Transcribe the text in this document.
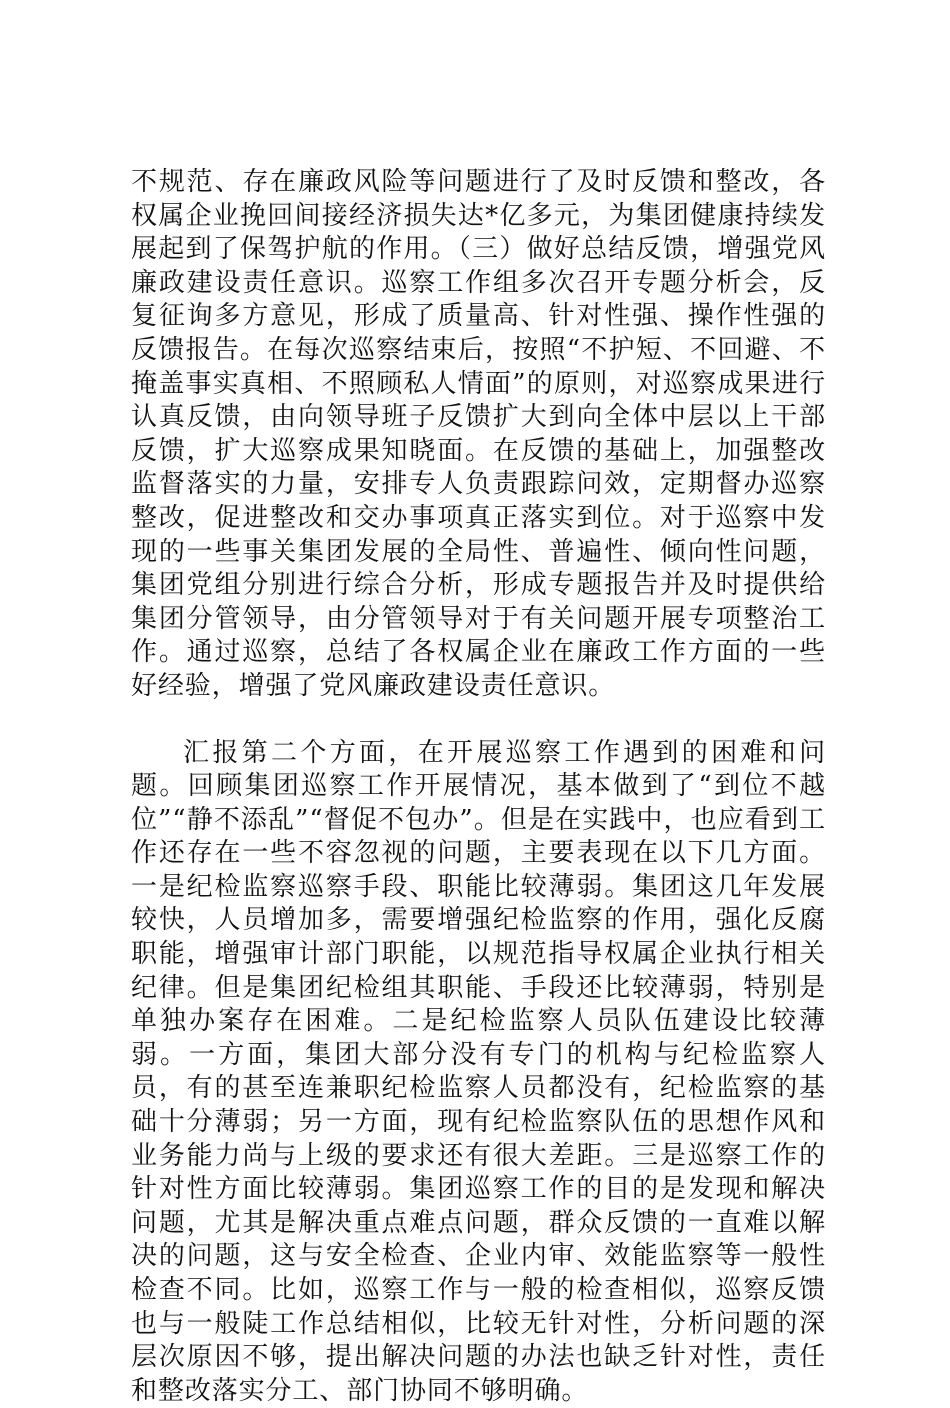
不规范、存在廉政风险等问题进行了及时反馈和整改，各权属企业挽回间接经济损失达*亿多元，为集团健康持续发展起到了保驾护航的作用。（三）做好总结反馈，增强党风廉政建设责任意识。巡察工作组多次召开专题分析会，反复征询多方意见，形成了质量高、针对性强、操作性强的反馈报告。在每次巡察结束后，按照“不护短、不回避、不掩盖事实真相、不照顾私人情面”的原则，对巡察成果进行认真反馈，由向领导班子反馈扩大到向全体中层以上干部反馈，扩大巡察成果知晓面。在反馈的基础上，加强整改监督落实的力量，安排专人负责跟踪问效，定期督办巡察整改，促进整改和交办事项真正落实到位。对于巡察中发现的一些事关集团发展的全局性、普遍性、倾向性问题，集团党组分别进行综合分析，形成专题报告并及时提供给集团分管领导，由分管领导对于有关问题开展专项整治工作。通过巡察，总结了各权属企业在廉政工作方面的一些好经验，增强了党风廉政建设责任意识。

汇报第二个方面，在开展巡察工作遇到的困难和问题。回顾集团巡察工作开展情况，基本做到了“到位不越位”“静不添乱”“督促不包办”。但是在实践中，也应看到工作还存在一些不容忽视的问题，主要表现在以下几方面。一是纪检监察巡察手段、职能比较薄弱。集团这几年发展较快，人员增加多，需要增强纪检监察的作用，强化反腐职能，增强审计部门职能，以规范指导权属企业执行相关纪律。但是集团纪检组其职能、手段还比较薄弱，特别是单独办案存在困难。二是纪检监察人员队伍建设比较薄弱。一方面，集团大部分没有专门的机构与纪检监察人员，有的甚至连兼职纪检监察人员都没有，纪检监察的基础十分薄弱；另一方面，现有纪检监察队伍的思想作风和业务能力尚与上级的要求还有很大差距。三是巡察工作的针对性方面比较薄弱。集团巡察工作的目的是发现和解决问题，尤其是解决重点难点问题，群众反馈的一直难以解决的问题，这与安全检查、企业内审、效能监察等一般性检查不同。比如，巡察工作与一般的检查相似，巡察反馈也与一般陡工作总结相似，比较无针对性，分析问题的深层次原因不够，提出解决问题的办法也缺乏针对性，责任和整改落实分工、部门协同不够明确。
